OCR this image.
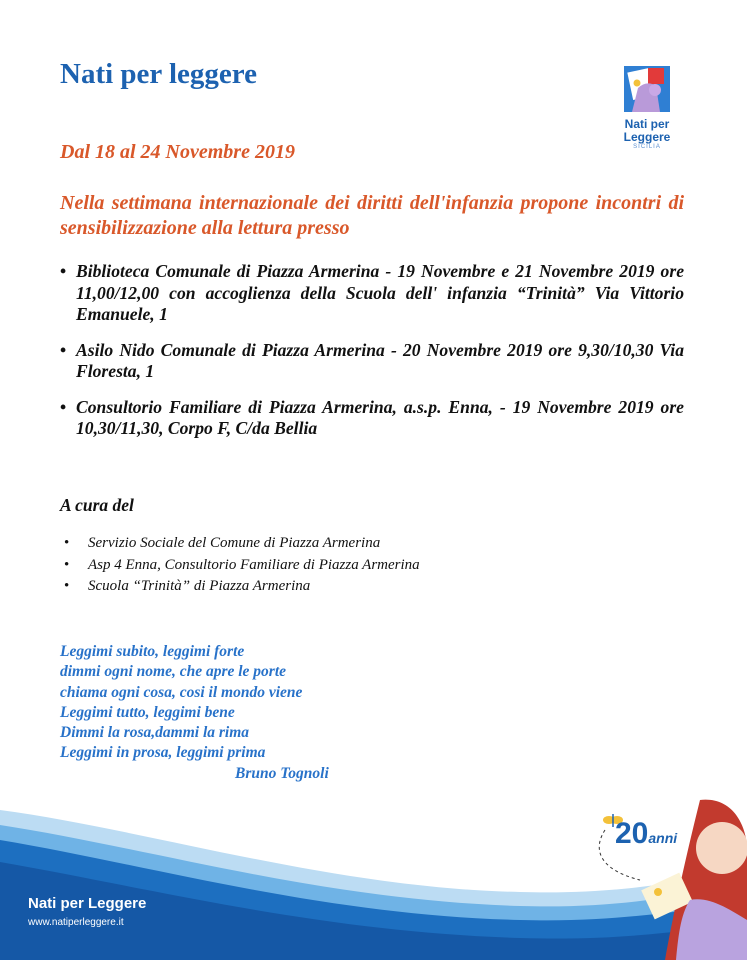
Nati per leggere
Nati per
Leggere
SICILIA
Dal 18 al 24 Novembre 2019
Nella settimana internazionale dei diritti dell'infanzia propone incontri di sensibilizzazione alla lettura presso
• Biblioteca Comunale di Piazza Armerina - 19 Novembre e 21 Novembre 2019 ore 11,00/12,00 con accoglienza della Scuola dell' infanzia “Trinità” Via Vittorio Emanuele, 1
• Asilo Nido Comunale di Piazza Armerina - 20 Novembre 2019 ore 9,30/10,30 Via Floresta, 1
• Consultorio Familiare di Piazza Armerina, a.s.p. Enna, - 19 Novembre 2019 ore 10,30/11,30, Corpo F, C/da Bellia
A cura del
• Servizio Sociale del Comune di Piazza Armerina
• Asp 4 Enna, Consultorio Familiare di Piazza Armerina
• Scuola “Trinità” di Piazza Armerina
Leggimi subito, leggimi forte
dimmi ogni nome, che apre le porte
chiama ogni cosa, cosi il mondo viene
Leggimi tutto, leggimi bene
Dimmi la rosa,dammi la rima
Leggimi in prosa, leggimi prima
Bruno Tognoli
20anni
Nati per Leggere
www.natiperleggere.it
